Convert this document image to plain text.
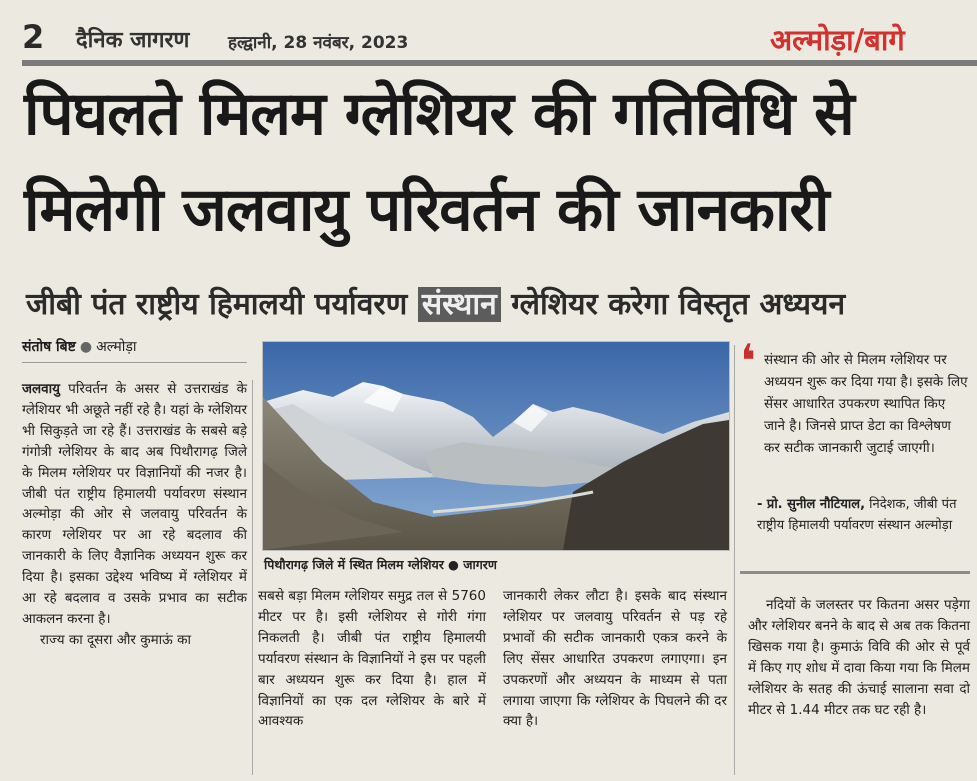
2 दैनिक जागरण हल्द्वानी, 28 नवंबर, 2023	अल्मोड़ा/बागे
पिघलते मिलम ग्लेशियर की गतिविधि से
मिलेगी जलवायु परिवर्तन की जानकारी
जीबी पंत राष्ट्रीय हिमालयी पर्यावरण संस्थान ग्लेशियर करेगा विस्तृत अध्ययन
संतोष बिष्ट ● अल्मोड़ा
जलवायु परिवर्तन के असर से उत्तराखंड के ग्लेशियर भी अछूते नहीं रहे है। यहां के ग्लेशियर भी सिकुड़ते जा रहे हैं। उत्तराखंड के सबसे बड़े गंगोत्री ग्लेशियर के बाद अब पिथौरागढ़ जिले के मिलम ग्लेशियर पर विज्ञानियों की नजर है। जीबी पंत राष्ट्रीय हिमालयी पर्यावरण संस्थान अल्मोड़ा की ओर से जलवायु परिवर्तन के कारण ग्लेशियर पर आ रहे बदलाव की जानकारी के लिए वैज्ञानिक अध्ययन शुरू कर दिया है। इसका उद्देश्य भविष्य में ग्लेशियर में आ रहे बदलाव व उसके प्रभाव का सटीक आकलन करना है।
राज्य का दूसरा और कुमाऊं का
पिथौरागढ़ जिले में स्थित मिलम ग्लेशियर ● जागरण
सबसे बड़ा मिलम ग्लेशियर समुद्र तल से 5760 मीटर पर है। इसी ग्लेशियर से गोरी गंगा निकलती है। जीबी पंत राष्ट्रीय हिमालयी पर्यावरण संस्थान के विज्ञानियों ने इस पर पहली बार अध्ययन शुरू कर दिया है। हाल में विज्ञानियों का एक दल ग्लेशियर के बारे में आवश्यक
जानकारी लेकर लौटा है। इसके बाद संस्थान ग्लेशियर पर जलवायु परिवर्तन से पड़ रहे प्रभावों की सटीक जानकारी एकत्र करने के लिए सेंसर आधारित उपकरण लगाएगा। इन उपकरणों और अध्ययन के माध्यम से पता लगाया जाएगा कि ग्लेशियर के पिघलने की दर क्या है।
❛ संस्थान की ओर से मिलम ग्लेशियर पर अध्ययन शुरू कर दिया गया है। इसके लिए सेंसर आधारित उपकरण स्थापित किए जाने है। जिनसे प्राप्त डेटा का विश्लेषण कर सटीक जानकारी जुटाई जाएगी।
- प्रो. सुनील नौटियाल, निदेशक, जीबी पंत राष्ट्रीय हिमालयी पर्यावरण संस्थान अल्मोड़ा
नदियों के जलस्तर पर कितना असर पड़ेगा और ग्लेशियर बनने के बाद से अब तक कितना खिसक गया है। कुमाऊं विवि की ओर से पूर्व में किए गए शोध में दावा किया गया कि मिलम ग्लेशियर के सतह की ऊंचाई सालाना सवा दो मीटर से 1.44 मीटर तक घट रही है।
